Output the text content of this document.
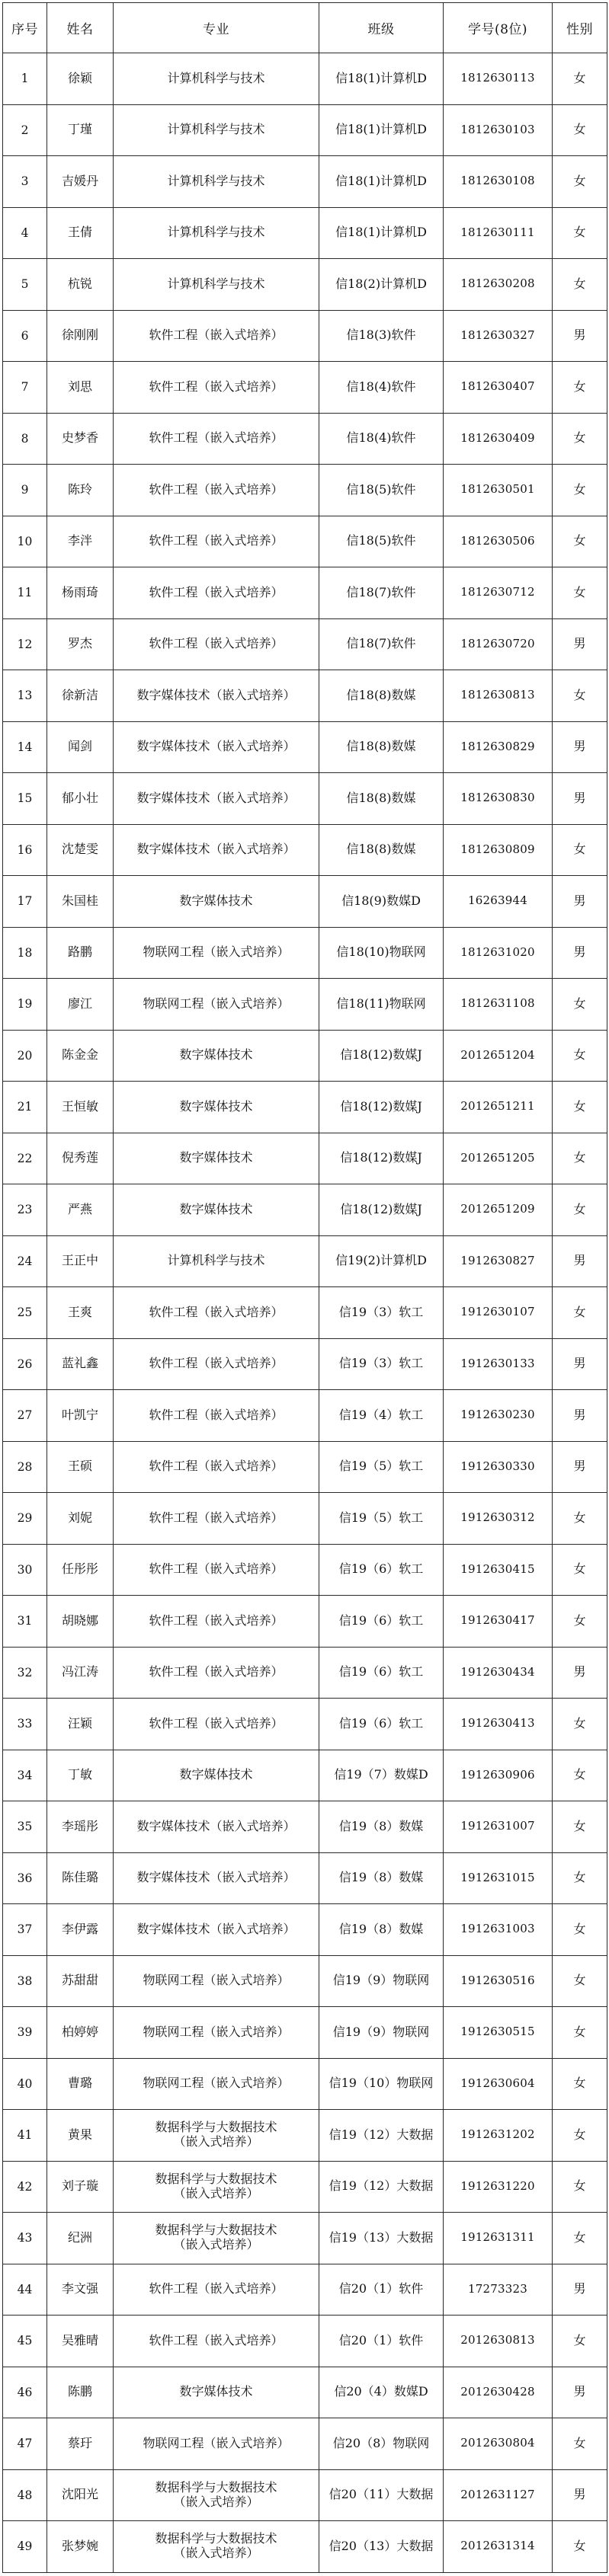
序号	姓名	专业	班级	学号(8位)	性别
1	徐颖	计算机科学与技术	信18(1)计算机D	1812630113	女
2	丁瑾	计算机科学与技术	信18(1)计算机D	1812630103	女
3	吉媛丹	计算机科学与技术	信18(1)计算机D	1812630108	女
4	王倩	计算机科学与技术	信18(1)计算机D	1812630111	女
5	杭锐	计算机科学与技术	信18(2)计算机D	1812630208	女
6	徐刚刚	软件工程（嵌入式培养）	信18(3)软件	1812630327	男
7	刘思	软件工程（嵌入式培养）	信18(4)软件	1812630407	女
8	史梦香	软件工程（嵌入式培养）	信18(4)软件	1812630409	女
9	陈玲	软件工程（嵌入式培养）	信18(5)软件	1812630501	女
10	李泮	软件工程（嵌入式培养）	信18(5)软件	1812630506	女
11	杨雨琦	软件工程（嵌入式培养）	信18(7)软件	1812630712	女
12	罗杰	软件工程（嵌入式培养）	信18(7)软件	1812630720	男
13	徐新洁	数字媒体技术（嵌入式培养）	信18(8)数媒	1812630813	女
14	闻剑	数字媒体技术（嵌入式培养）	信18(8)数媒	1812630829	男
15	郁小壮	数字媒体技术（嵌入式培养）	信18(8)数媒	1812630830	男
16	沈楚雯	数字媒体技术（嵌入式培养）	信18(8)数媒	1812630809	女
17	朱国桂	数字媒体技术	信18(9)数媒D	16263944	男
18	路鹏	物联网工程（嵌入式培养）	信18(10)物联网	1812631020	男
19	廖江	物联网工程（嵌入式培养）	信18(11)物联网	1812631108	女
20	陈金金	数字媒体技术	信18(12)数媒J	2012651204	女
21	王恒敏	数字媒体技术	信18(12)数媒J	2012651211	女
22	倪秀莲	数字媒体技术	信18(12)数媒J	2012651205	女
23	严燕	数字媒体技术	信18(12)数媒J	2012651209	女
24	王正中	计算机科学与技术	信19(2)计算机D	1912630827	男
25	王爽	软件工程（嵌入式培养）	信19（3）软工	1912630107	女
26	蓝礼鑫	软件工程（嵌入式培养）	信19（3）软工	1912630133	男
27	叶凯宁	软件工程（嵌入式培养）	信19（4）软工	1912630230	男
28	王硕	软件工程（嵌入式培养）	信19（5）软工	1912630330	男
29	刘妮	软件工程（嵌入式培养）	信19（5）软工	1912630312	女
30	任彤彤	软件工程（嵌入式培养）	信19（6）软工	1912630415	女
31	胡晓娜	软件工程（嵌入式培养）	信19（6）软工	1912630417	女
32	冯江涛	软件工程（嵌入式培养）	信19（6）软工	1912630434	男
33	汪颖	软件工程（嵌入式培养）	信19（6）软工	1912630413	女
34	丁敏	数字媒体技术	信19（7）数媒D	1912630906	女
35	李瑶彤	数字媒体技术（嵌入式培养）	信19（8）数媒	1912631007	女
36	陈佳璐	数字媒体技术（嵌入式培养）	信19（8）数媒	1912631015	女
37	李伊露	数字媒体技术（嵌入式培养）	信19（8）数媒	1912631003	女
38	苏甜甜	物联网工程（嵌入式培养）	信19（9）物联网	1912630516	女
39	柏婷婷	物联网工程（嵌入式培养）	信19（9）物联网	1912630515	女
40	曹璐	物联网工程（嵌入式培养）	信19（10）物联网	1912630604	女
41	黄果	数据科学与大数据技术
（嵌入式培养）	信19（12）大数据	1912631202	女
42	刘子璇	数据科学与大数据技术
（嵌入式培养）	信19（12）大数据	1912631220	女
43	纪洲	数据科学与大数据技术
（嵌入式培养）	信19（13）大数据	1912631311	女
44	李文强	软件工程（嵌入式培养）	信20（1）软件	17273323	男
45	吴雅晴	软件工程（嵌入式培养）	信20（1）软件	2012630813	女
46	陈鹏	数字媒体技术	信20（4）数媒D	2012630428	男
47	蔡玗	物联网工程（嵌入式培养）	信20（8）物联网	2012630804	女
48	沈阳光	数据科学与大数据技术
（嵌入式培养）	信20（11）大数据	2012631127	男
49	张梦婉	数据科学与大数据技术
（嵌入式培养）	信20（13）大数据	2012631314	女
